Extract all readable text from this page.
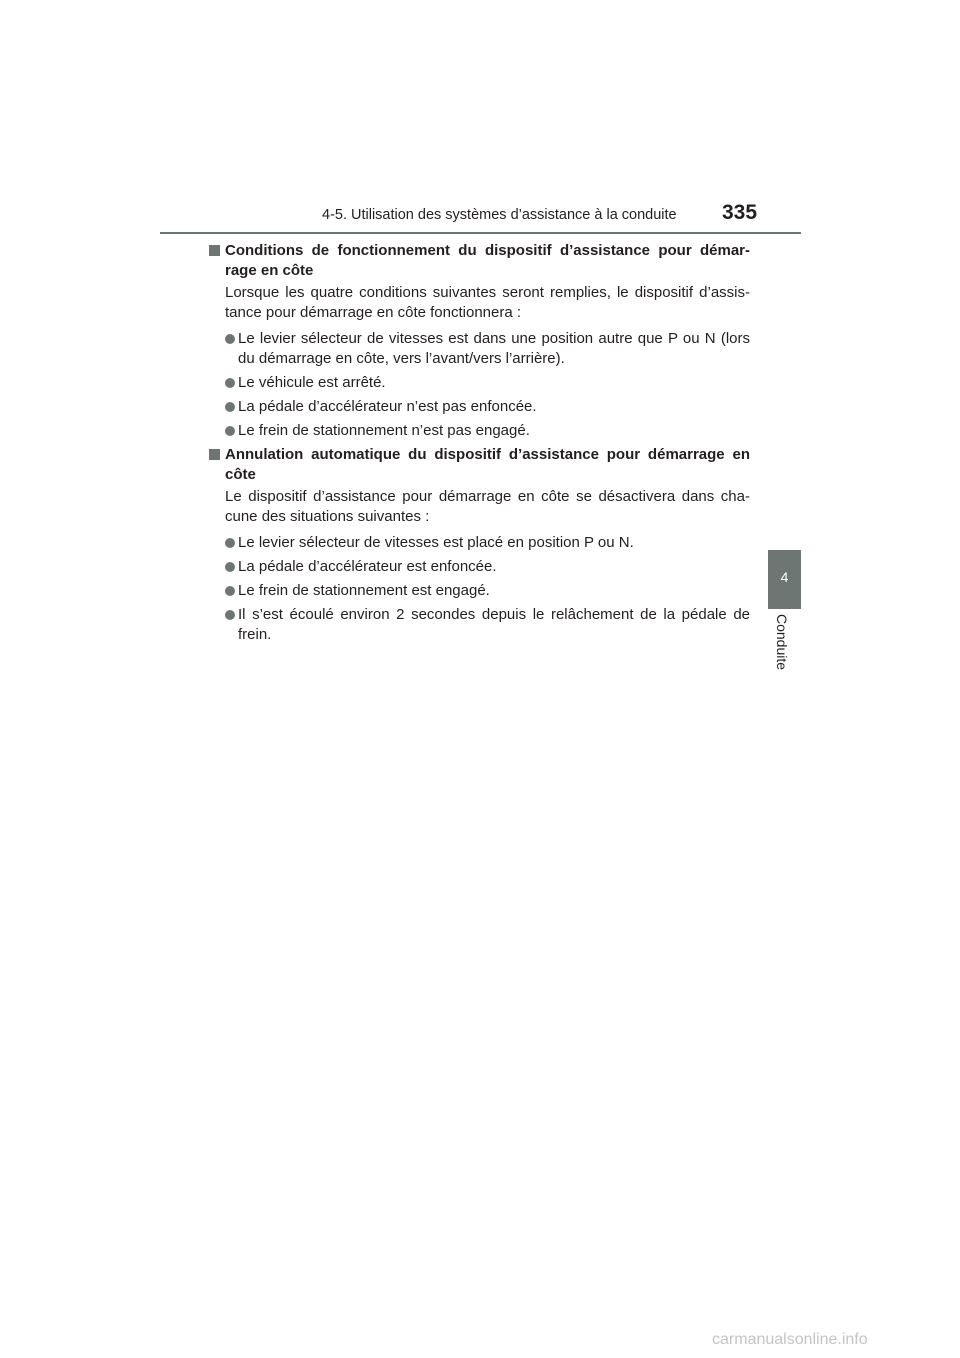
4-5. Utilisation des systèmes d’assistance à la conduite	335
4
Conduite
Conditions de fonctionnement du dispositif d’assistance pour démar-rage en côte
Lorsque les quatre conditions suivantes seront remplies, le dispositif d’assis-tance pour démarrage en côte fonctionnera :
Le levier sélecteur de vitesses est dans une position autre que P ou N (lors du démarrage en côte, vers l’avant/vers l’arrière).
Le véhicule est arrêté.
La pédale d’accélérateur n’est pas enfoncée.
Le frein de stationnement n’est pas engagé.
Annulation automatique du dispositif d’assistance pour démarrage en côte
Le dispositif d’assistance pour démarrage en côte se désactivera dans cha-cune des situations suivantes :
Le levier sélecteur de vitesses est placé en position P ou N.
La pédale d’accélérateur est enfoncée.
Le frein de stationnement est engagé.
Il s’est écoulé environ 2 secondes depuis le relâchement de la pédale de frein.
carmanualsonline.info
